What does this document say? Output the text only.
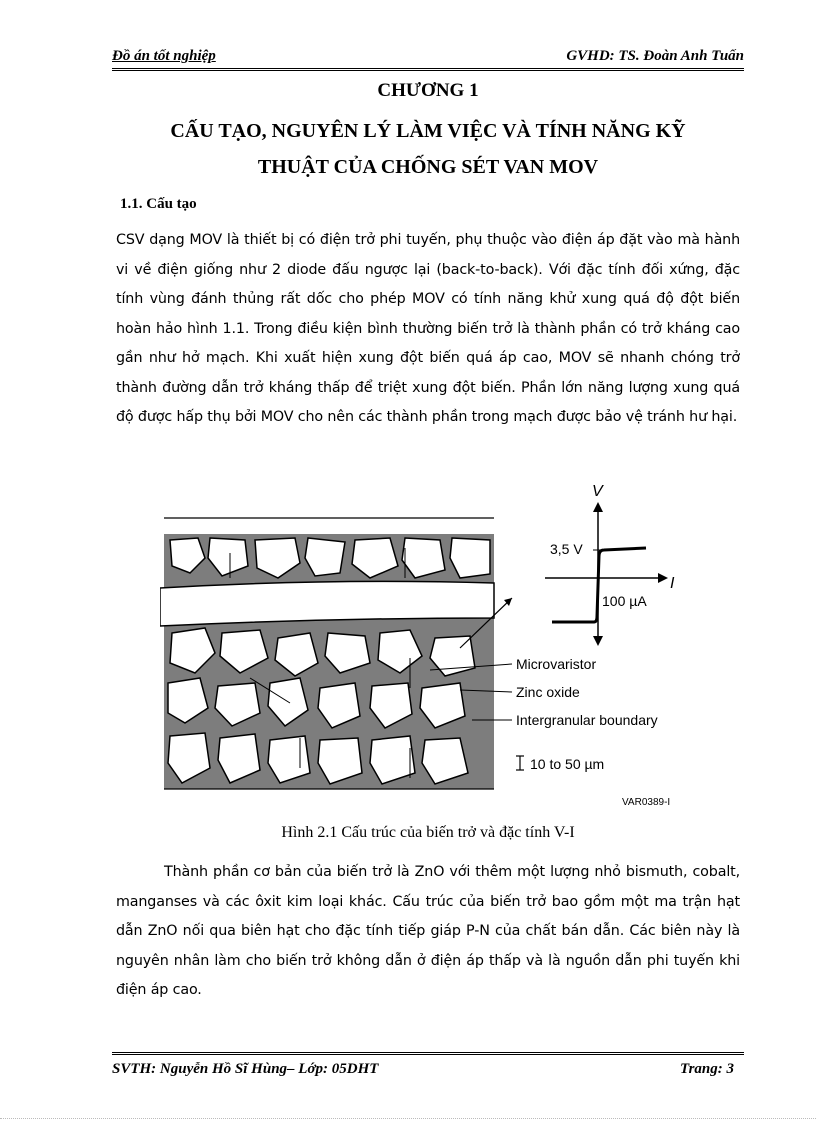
Đồ án tốt nghiệp	GVHD: TS. Đoàn Anh Tuấn
CHƯƠNG 1
CẤU TẠO, NGUYÊN LÝ LÀM VIỆC VÀ TÍNH NĂNG KỸ
THUẬT CỦA CHỐNG SÉT VAN MOV
1.1. Cấu tạo
CSV dạng MOV là thiết bị có điện trở phi tuyến, phụ thuộc vào điện áp đặt vào mà hành vi về điện giống như 2 diode đấu ngược lại (back-to-back). Với đặc tính đối xứng, đặc tính vùng đánh thủng rất dốc cho phép MOV có tính năng khử xung quá độ đột biến hoàn hảo hình 1.1. Trong điều kiện bình thường biến trở là thành phần có trở kháng cao gần như hở mạch. Khi xuất hiện xung đột biến quá áp cao, MOV sẽ nhanh chóng trở thành đường dẫn trở kháng thấp để triệt xung đột biến. Phần lớn năng lượng xung quá độ được hấp thụ bởi MOV cho nên các thành phần trong mạch được bảo vệ tránh hư hại.
V
I
3,5 V
100 µA
Microvaristor
Zinc oxide
Intergranular boundary
10 to 50 µm
VAR0389-I
Hình 2.1 Cấu trúc của biến trở và đặc tính V-I
Thành phần cơ bản của biến trở là ZnO với thêm một lượng nhỏ bismuth, cobalt, manganses và các ôxit kim loại khác. Cấu trúc của biến trở bao gồm một ma trận hạt dẫn ZnO nối qua biên hạt cho đặc tính tiếp giáp P-N của chất bán dẫn. Các biên này là nguyên nhân làm cho biến trở không dẫn ở điện áp thấp và là nguồn dẫn phi tuyến khi điện áp cao.
SVTH: Nguyễn Hồ Sĩ Hùng– Lớp: 05DHT	Trang: 3
